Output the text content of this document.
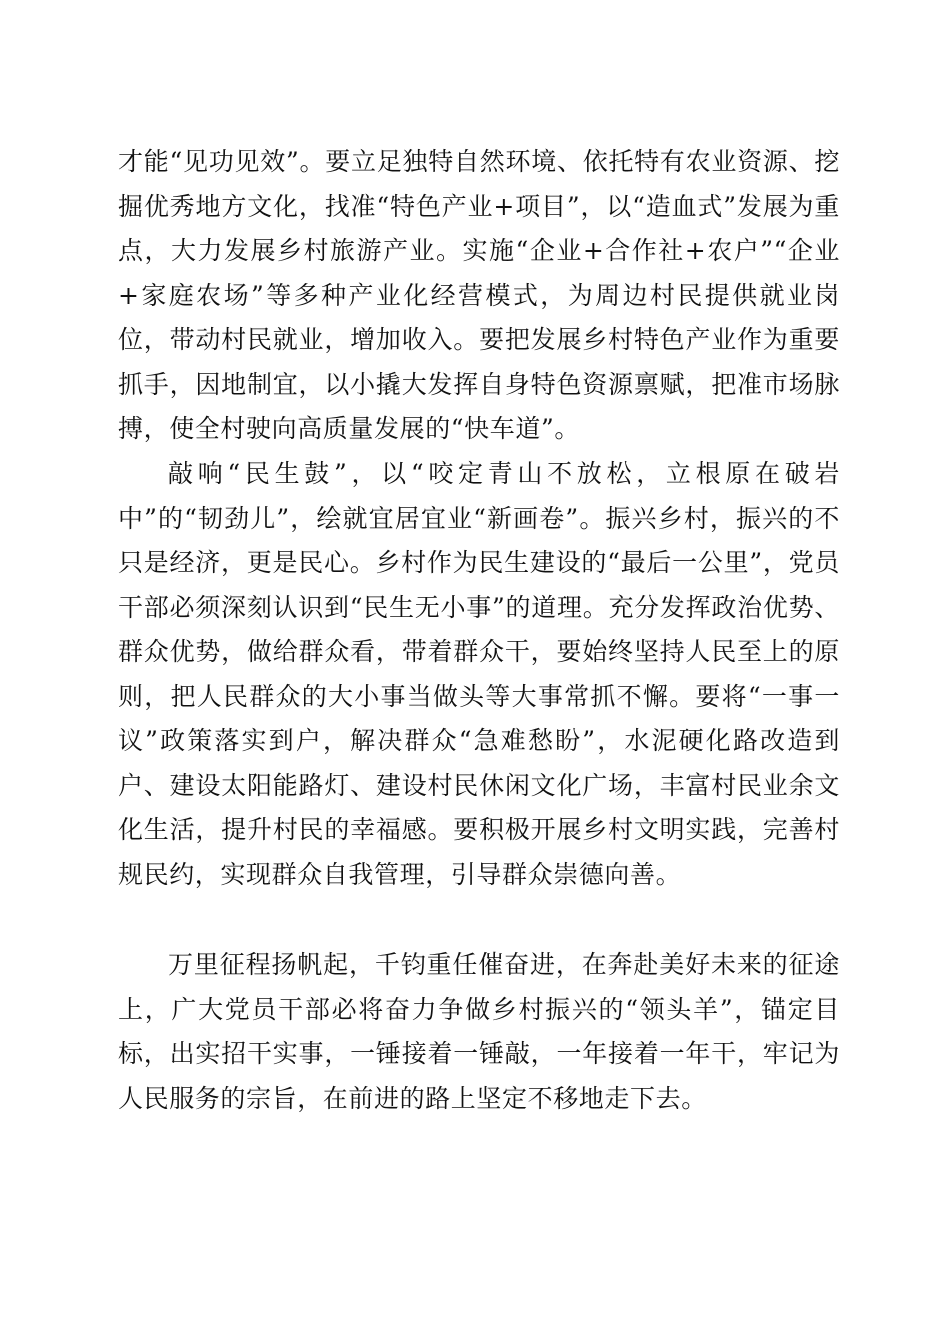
才能“见功见效”。要立足独特自然环境、依托特有农业资源、挖掘优秀地方文化，找准“特色产业+项目”，以“造血式”发展为重点，大力发展乡村旅游产业。实施“企业+合作社+农户”“企业+家庭农场”等多种产业化经营模式，为周边村民提供就业岗位，带动村民就业，增加收入。要把发展乡村特色产业作为重要抓手，因地制宜，以小撬大发挥自身特色资源禀赋，把准市场脉搏，使全村驶向高质量发展的“快车道”。

敲响“民生鼓”，以“咬定青山不放松，立根原在破岩中”的“韧劲儿”，绘就宜居宜业“新画卷”。振兴乡村，振兴的不只是经济，更是民心。乡村作为民生建设的“最后一公里”，党员干部必须深刻认识到“民生无小事”的道理。充分发挥政治优势、群众优势，做给群众看，带着群众干，要始终坚持人民至上的原则，把人民群众的大小事当做头等大事常抓不懈。要将“一事一议”政策落实到户，解决群众“急难愁盼”，水泥硬化路改造到户、建设太阳能路灯、建设村民休闲文化广场，丰富村民业余文化生活，提升村民的幸福感。要积极开展乡村文明实践，完善村规民约，实现群众自我管理，引导群众崇德向善。

万里征程扬帆起，千钧重任催奋进，在奔赴美好未来的征途上，广大党员干部必将奋力争做乡村振兴的“领头羊”，锚定目标，出实招干实事，一锤接着一锤敲，一年接着一年干，牢记为人民服务的宗旨，在前进的路上坚定不移地走下去。
